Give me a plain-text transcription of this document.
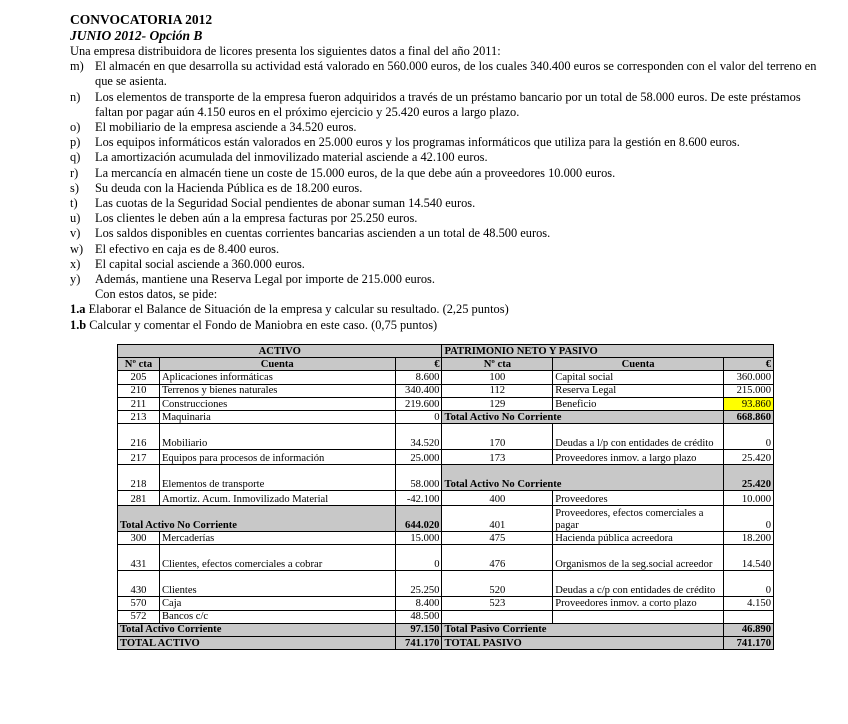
CONVOCATORIA 2012

JUNIO 2012- Opción B

Una empresa distribuidora de licores presenta los siguientes datos a final del año 2011:

m) El almacén en que desarrolla su actividad está valorado en 560.000 euros, de los cuales 340.400 euros se corresponden con el valor del terreno en que se asienta.
n)	Los elementos de transporte de la empresa fueron adquiridos a través de un préstamo bancario por un total de 58.000 euros. De este préstamos faltan por pagar aún 4.150 euros en el próximo ejercicio y 25.420 euros a largo plazo.
o)	El mobiliario de la empresa asciende a 34.520 euros.
p)	Los equipos informáticos están valorados en 25.000 euros y los programas informáticos que utiliza para la gestión en 8.600 euros.
q)	La amortización acumulada del inmovilizado material asciende a 42.100 euros.
r)	La mercancía en almacén tiene un coste de 15.000 euros, de la que debe aún a proveedores 10.000 euros.
s)	Su deuda con la Hacienda Pública es de 18.200 euros.
t)	Las cuotas de la Seguridad Social pendientes de abonar suman 14.540 euros.
u)	Los clientes le deben aún a la empresa facturas por 25.250 euros.
v)	Los saldos disponibles en cuentas corrientes bancarias ascienden a un total de 48.500 euros.
w) El efectivo en caja es de 8.400 euros.
x)	El capital social asciende a 360.000 euros.
y)	Además, mantiene una Reserva Legal por importe de 215.000 euros.

Con estos datos, se pide:

1.a Elaborar el Balance de Situación de la empresa y calcular su resultado. (2,25 puntos)

1.b Calcular y comentar el Fondo de Maniobra en este caso. (0,75 puntos)

ACTIVO			PATRIMONIO NETO Y PASIVO		
Nº cta	Cuenta	€	Nº cta	Cuenta	€
205	Aplicaciones informáticas	8.600	100	Capital social	360.000
210	Terrenos y bienes naturales	340.400	112	Reserva Legal	215.000
211	Construcciones	219.600	129	Beneficio	93.860
213	Maquinaria	0	Total Activo No Corriente		668.860
216	Mobiliario	34.520	170	Deudas a l/p con entidades de crédito	0
217	Equipos para procesos de información	25.000	173	Proveedores inmov. a largo plazo	25.420
218	Elementos de transporte	58.000	Total Activo No Corriente		25.420
281	Amortiz. Acum. Inmovilizado Material	-42.100	400	Proveedores	10.000
Total Activo No Corriente		644.020	401	Proveedores, efectos comerciales a pagar	0
300	Mercaderías	15.000	475	Hacienda pública acreedora	18.200
431	Clientes, efectos comerciales a cobrar	0	476	Organismos de la seg.social acreedor	14.540
430	Clientes	25.250	520	Deudas a c/p con entidades de crédito	0
570	Caja	8.400	523	Proveedores inmov. a corto plazo	4.150
572	Bancos c/c	48.500			
Total Activo Corriente		97.150	Total Pasivo Corriente		46.890
TOTAL ACTIVO		741.170	TOTAL PASIVO		741.170
